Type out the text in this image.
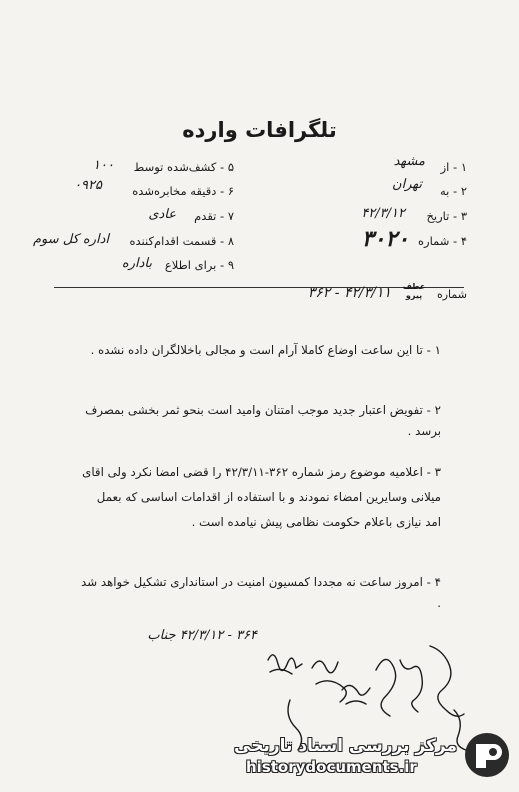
تلگرافات وارده
۵ - کشف‌شده توسط
۱۰۰
۶ - دقیقه مخابره‌شده
۰۹۲۵
۷ - تقدم
عادی
۸ - قسمت اقدام‌کننده
اداره کل سوم
۹ - برای اطلاع
باداره
۱ - از
مشهد
۲ - به
تهران
۳ - تاریخ
۴۲/۳/۱۲
۴ - شماره
۳۰۲۰
شماره
عطف
پیرو
۳۶۲ - ۴۲/۳/۱۱
۱ - تا این ساعت اوضاع کاملا آرام است و مجالی باخلالگران داده نشده .
۲ - تفویض اعتبار جدید موجب امتنان وامید است بنحو ثمر بخشی بمصرف برسد .
۳ - اعلامیه موضوع رمز شماره ۳۶۲-۴۲/۳/۱۱ را قضی امضا نکرد ولی اقای میلانی وسایرین امضاء نمودند و با استفاده از اقدامات اساسی که بعمل امد نیازی باعلام حکومت نظامی پیش نیامده است .
۴ - امروز ساعت نه مجددا کمسیون امنیت در استانداری تشکیل خواهد شد .
۳۶۴ - ۴۲/۳/۱۲ جناب
مرکز بررسی اسناد تاریخی
historydocuments.ir
